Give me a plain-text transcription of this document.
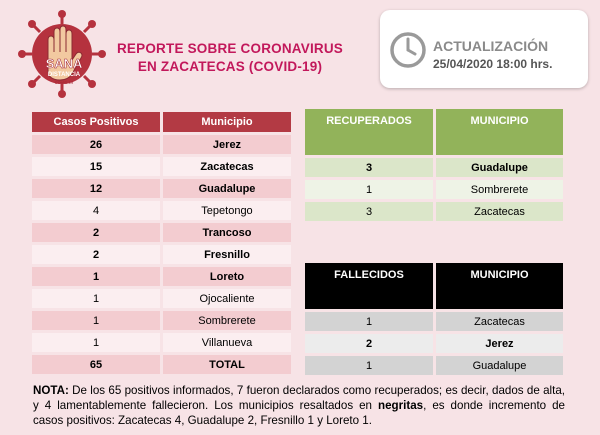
SANA
DISTANCIA
COVID-19
REPORTE SOBRE CORONAVIRUS
EN ZACATECAS (COVID-19)
ACTUALIZACIÓN
25/04/2020 18:00 hrs.
Casos Positivos	Municipio
26	Jerez
15	Zacatecas
12	Guadalupe
4	Tepetongo
2	Trancoso
2	Fresnillo
1	Loreto
1	Ojocaliente
1	Sombrerete
1	Villanueva
65	TOTAL
RECUPERADOS	MUNICIPIO
3	Guadalupe
1	Sombrerete
3	Zacatecas
FALLECIDOS	MUNICIPIO
1	Zacatecas
2	Jerez
1	Guadalupe
NOTA: De los 65 positivos informados, 7 fueron declarados como recuperados; es decir, dados de alta, y 4 lamentablemente fallecieron. Los municipios resaltados en negritas, es donde incremento de casos positivos: Zacatecas 4, Guadalupe 2, Fresnillo 1 y Loreto 1.
